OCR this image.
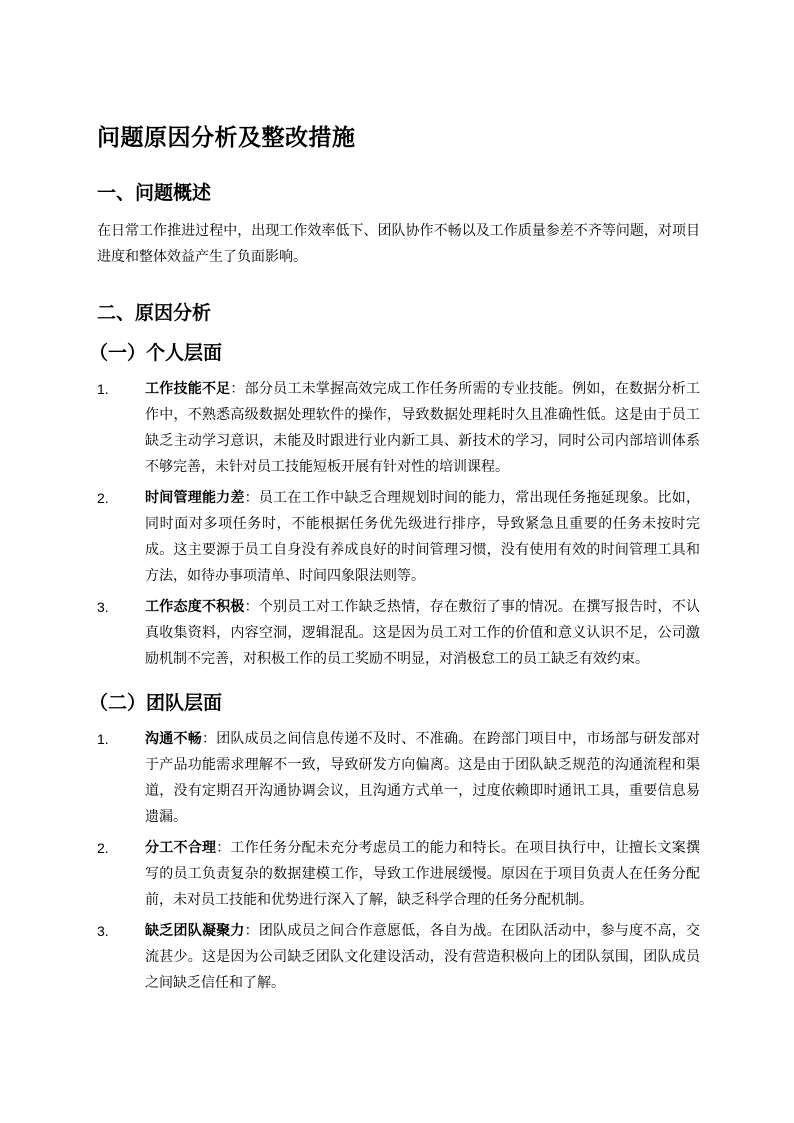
问题原因分析及整改措施
一、问题概述
在日常工作推进过程中，出现工作效率低下、团队协作不畅以及工作质量参差不齐等问题，对项目进度和整体效益产生了负面影响。
二、原因分析
（一）个人层面
1.	工作技能不足：部分员工未掌握高效完成工作任务所需的专业技能。例如，在数据分析工作中，不熟悉高级数据处理软件的操作，导致数据处理耗时久且准确性低。这是由于员工缺乏主动学习意识，未能及时跟进行业内新工具、新技术的学习，同时公司内部培训体系不够完善，未针对员工技能短板开展有针对性的培训课程。
2.	时间管理能力差：员工在工作中缺乏合理规划时间的能力，常出现任务拖延现象。比如，同时面对多项任务时，不能根据任务优先级进行排序，导致紧急且重要的任务未按时完成。这主要源于员工自身没有养成良好的时间管理习惯，没有使用有效的时间管理工具和方法，如待办事项清单、时间四象限法则等。
3.	工作态度不积极：个别员工对工作缺乏热情，存在敷衍了事的情况。在撰写报告时，不认真收集资料，内容空洞，逻辑混乱。这是因为员工对工作的价值和意义认识不足，公司激励机制不完善，对积极工作的员工奖励不明显，对消极怠工的员工缺乏有效约束。
（二）团队层面
1.	沟通不畅：团队成员之间信息传递不及时、不准确。在跨部门项目中，市场部与研发部对于产品功能需求理解不一致，导致研发方向偏离。这是由于团队缺乏规范的沟通流程和渠道，没有定期召开沟通协调会议，且沟通方式单一，过度依赖即时通讯工具，重要信息易遗漏。
2.	分工不合理：工作任务分配未充分考虑员工的能力和特长。在项目执行中，让擅长文案撰写的员工负责复杂的数据建模工作，导致工作进展缓慢。原因在于项目负责人在任务分配前，未对员工技能和优势进行深入了解，缺乏科学合理的任务分配机制。
3.	缺乏团队凝聚力：团队成员之间合作意愿低，各自为战。在团队活动中，参与度不高，交流甚少。这是因为公司缺乏团队文化建设活动，没有营造积极向上的团队氛围，团队成员之间缺乏信任和了解。
